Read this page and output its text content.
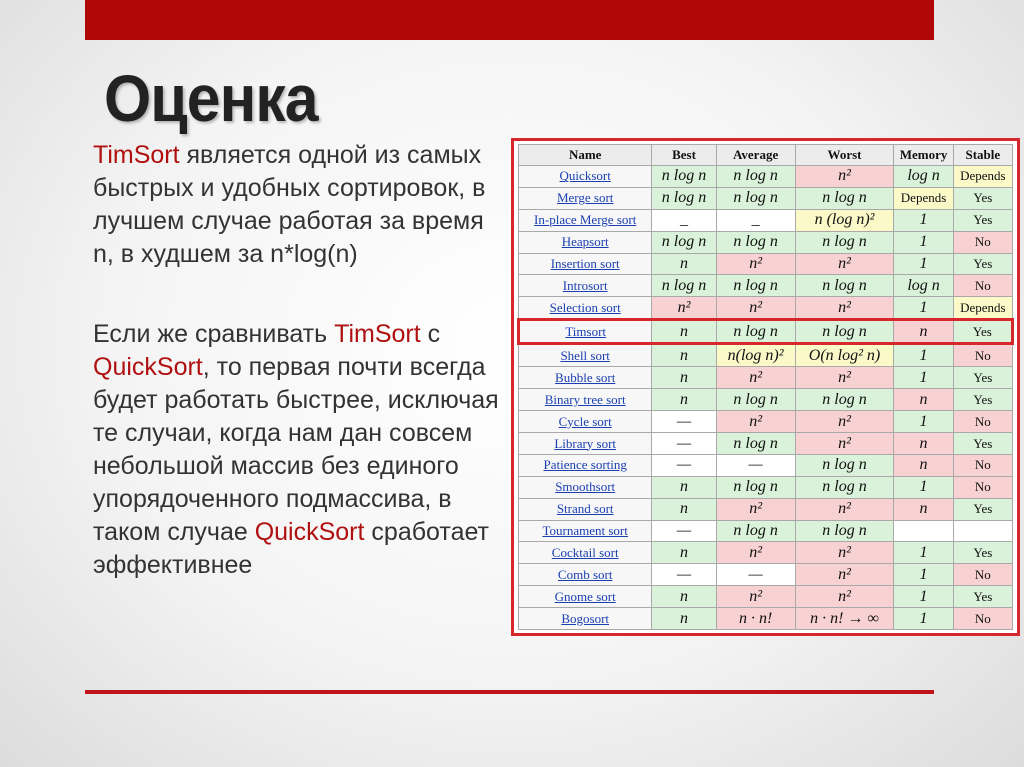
Оценка
TimSort является одной из самых быстрых и удобных сортировок, в лучшем случае работая за время n, в худшем за n*log(n)
Если же сравнивать TimSort с QuickSort, то первая почти всегда будет работать быстрее, исключая те случаи, когда нам дан совсем небольшой массив без единого упорядоченного подмассива, в таком случае QuickSort сработает эффективнее
Name	Best	Average	Worst	Memory	Stable
Quicksort	n log n	n log n	n²	log n	Depends
Merge sort	n log n	n log n	n log n	Depends	Yes
In-place Merge sort	_	_	n (log n)²	1	Yes
Heapsort	n log n	n log n	n log n	1	No
Insertion sort	n	n²	n²	1	Yes
Introsort	n log n	n log n	n log n	log n	No
Selection sort	n²	n²	n²	1	Depends
Timsort	n	n log n	n log n	n	Yes
Shell sort	n	n(log n)²	O(n log² n)	1	No
Bubble sort	n	n²	n²	1	Yes
Binary tree sort	n	n log n	n log n	n	Yes
Cycle sort	—	n²	n²	1	No
Library sort	—	n log n	n²	n	Yes
Patience sorting	—	—	n log n	n	No
Smoothsort	n	n log n	n log n	1	No
Strand sort	n	n²	n²	n	Yes
Tournament sort	—	n log n	n log n		
Cocktail sort	n	n²	n²	1	Yes
Comb sort	—	—	n²	1	No
Gnome sort	n	n²	n²	1	Yes
Bogosort	n	n · n!	n · n! → ∞	1	No
